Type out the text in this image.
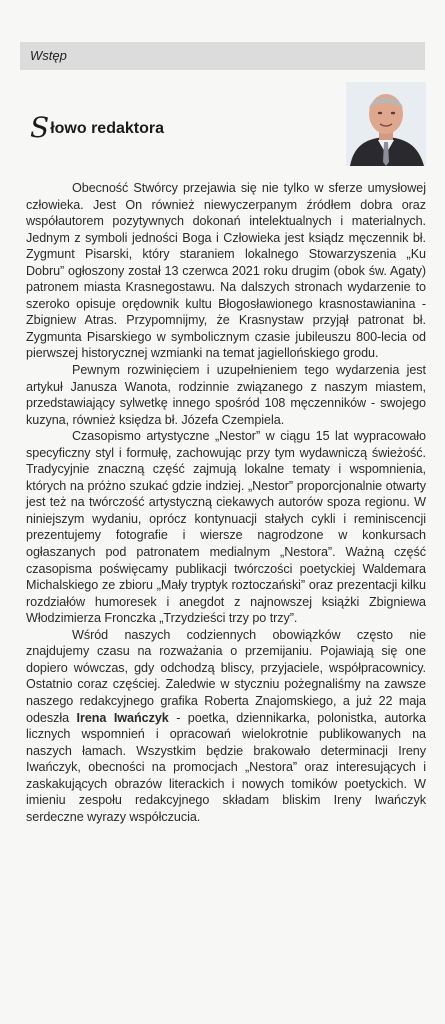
Wstęp
S łowo redaktora

Obecność Stwórcy przejawia się nie tylko w sferze umysłowej człowieka. Jest On również niewyczerpanym źródłem dobra oraz współautorem pozytywnych dokonań intelektualnych i materialnych. Jednym z symboli jedności Boga i Człowieka jest ksiądz męczennik bł. Zygmunt Pisarski, który staraniem lokalnego Stowarzyszenia „Ku Dobru” ogłoszony został 13 czerwca 2021 roku drugim (obok św. Agaty) patronem miasta Krasnegostawu. Na dalszych stronach wydarzenie to szeroko opisuje orędownik kultu Błogosławionego krasnostawianina - Zbigniew Atras. Przypomnijmy, że Krasnystaw przyjął patronat bł. Zygmunta Pisarskiego w symbolicznym czasie jubileuszu 800-lecia od pierwszej historycznej wzmianki na temat jagiellońskiego grodu.

Pewnym rozwinięciem i uzupełnieniem tego wydarzenia jest artykuł Janusza Wanota, rodzinnie związanego z naszym miastem, przedstawiający sylwetkę innego spośród 108 męczenników - swojego kuzyna, również księdza bł. Józefa Czempiela.

Czasopismo artystyczne „Nestor” w ciągu 15 lat wypracowało specyficzny styl i formułę, zachowując przy tym wydawniczą świeżość. Tradycyjnie znaczną część zajmują lokalne tematy i wspomnienia, których na próżno szukać gdzie indziej. „Nestor” proporcjonalnie otwarty jest też na twórczość artystyczną ciekawych autorów spoza regionu. W niniejszym wydaniu, oprócz kontynuacji stałych cykli i reminiscencji prezentujemy fotografie i wiersze nagrodzone w konkursach ogłaszanych pod patronatem medialnym „Nestora”. Ważną część czasopisma poświęcamy publikacji twórczości poetyckiej Waldemara Michalskiego ze zbioru „Mały tryptyk roztoczański” oraz prezentacji kilku rozdziałów humoresek i anegdot z najnowszej książki Zbigniewa Włodzimierza Fronczka „Trzydzieści trzy po trzy”.

Wśród naszych codziennych obowiązków często nie znajdujemy czasu na rozważania o przemijaniu. Pojawiają się one dopiero wówczas, gdy odchodzą bliscy, przyjaciele, współpracownicy. Ostatnio coraz częściej. Zaledwie w styczniu pożegnaliśmy na zawsze naszego redakcyjnego grafika Roberta Znajomskiego, a już 22 maja odeszła Irena Iwańczyk - poetka, dziennikarka, polonistka, autorka licznych wspomnień i opracowań wielokrotnie publikowanych na naszych łamach. Wszystkim będzie brakowało determinacji Ireny Iwańczyk, obecności na promocjach „Nestora” oraz interesujących i zaskakujących obrazów literackich i nowych tomików poetyckich. W imieniu zespołu redakcyjnego składam bliskim Ireny Iwańczyk serdeczne wyrazy współczucia.
